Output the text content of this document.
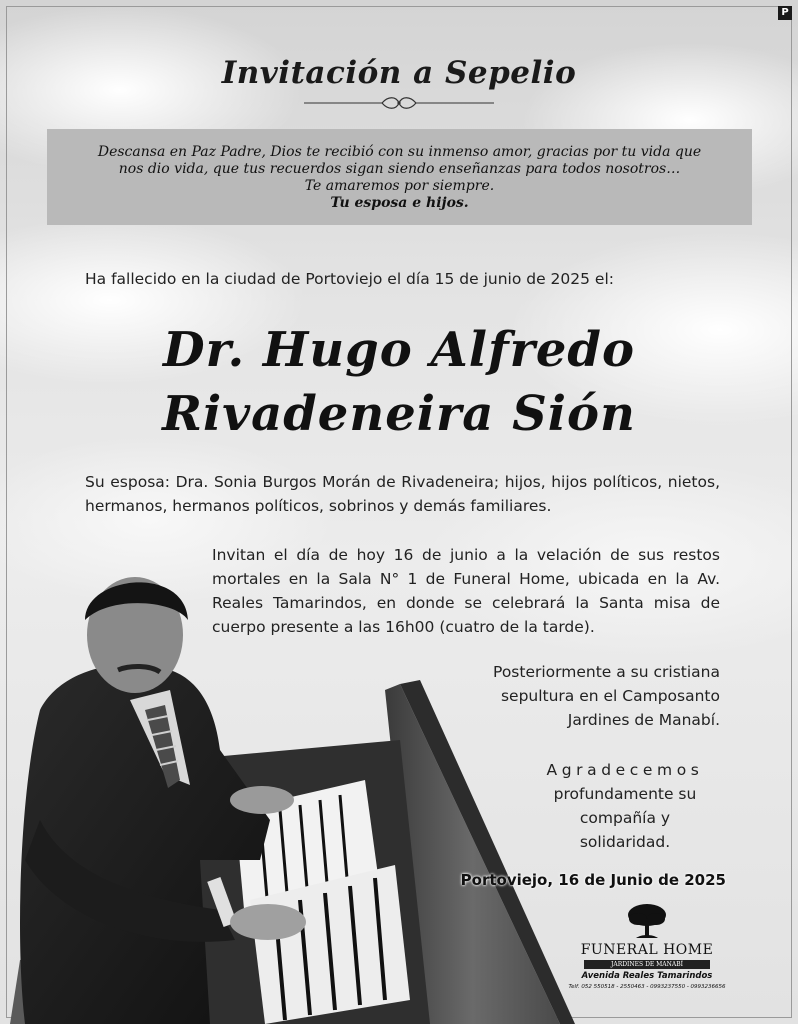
P
Invitación a Sepelio
Descansa en Paz Padre, Dios te recibió con su inmenso amor, gracias por tu vida que
nos dio vida, que tus recuerdos sigan siendo enseñanzas para todos nosotros…
Te amaremos por siempre.
Tu esposa e hijos.
Ha fallecido en la ciudad de Portoviejo el día 15 de junio de 2025 el:
Dr. Hugo Alfredo
Rivadeneira Sión
Su esposa: Dra. Sonia Burgos Morán de Rivadeneira; hijos, hijos políticos, nietos, hermanos, hermanos políticos, sobrinos y demás familiares.
Invitan el día de hoy 16 de junio a la velación de sus restos mortales en la Sala N° 1 de Funeral Home, ubicada en la Av. Reales Tamarindos, en donde se celebrará la Santa misa de cuerpo presente a las 16h00 (cuatro de la tarde).
Posteriormente a su cristiana
sepultura en el Camposanto
Jardines de Manabí.
Agradecemos
profundamente su
compañía y
solidaridad.
Portoviejo, 16 de Junio de 2025
FUNERAL HOME
JARDINES DE MANABÍ
Avenida Reales Tamarindos
Telf. 052 550518 - 2550463 - 0993237550 - 0993236656
